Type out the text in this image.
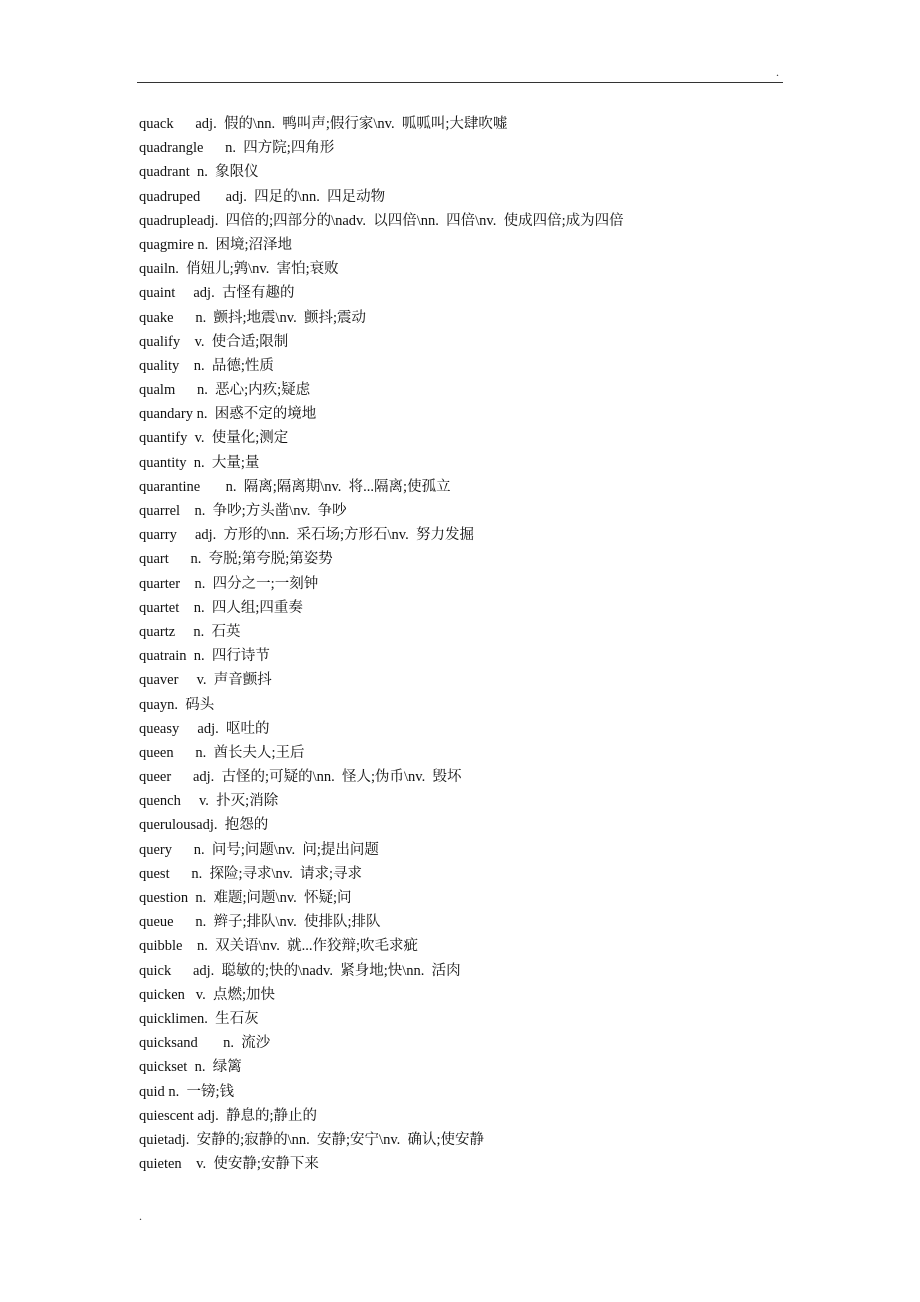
.
quack      adj.  假的\nn.  鸭叫声;假行家\nv.  呱呱叫;大肆吹嘘
quadrangle      n.  四方院;四角形
quadrant  n.  象限仪
quadruped       adj.  四足的\nn.  四足动物
quadrupleadj.  四倍的;四部分的\nadv.  以四倍\nn.  四倍\nv.  使成四倍;成为四倍
quagmire n.  困境;沼泽地
quailn.  俏妞儿;鹑\nv.  害怕;衰败
quaint     adj.  古怪有趣的
quake      n.  颤抖;地震\nv.  颤抖;震动
qualify    v.  使合适;限制
quality    n.  品德;性质
qualm      n.  恶心;内疚;疑虑
quandary n.  困惑不定的境地
quantify  v.  使量化;测定
quantity  n.  大量;量
quarantine       n.  隔离;隔离期\nv.  将...隔离;使孤立
quarrel    n.  争吵;方头凿\nv.  争吵
quarry     adj.  方形的\nn.  采石场;方形石\nv.  努力发掘
quart      n.  夸脱;第夸脱;第姿势
quarter    n.  四分之一;一刻钟
quartet    n.  四人组;四重奏
quartz     n.  石英
quatrain  n.  四行诗节
quaver     v.  声音颤抖
quayn.  码头
queasy     adj.  呕吐的
queen      n.  酋长夫人;王后
queer      adj.  古怪的;可疑的\nn.  怪人;伪币\nv.  毁坏
quench     v.  扑灭;消除
querulousadj.  抱怨的
query      n.  问号;问题\nv.  问;提出问题
quest      n.  探险;寻求\nv.  请求;寻求
question  n.  难题;问题\nv.  怀疑;问
queue      n.  辫子;排队\nv.  使排队;排队
quibble    n.  双关语\nv.  就...作狡辩;吹毛求疵
quick      adj.  聪敏的;快的\nadv.  紧身地;快\nn.  活肉
quicken   v.  点燃;加快
quicklimen.  生石灰
quicksand       n.  流沙
quickset  n.  绿篱
quid n.  一镑;钱
quiescent adj.  静息的;静止的
quietadj.  安静的;寂静的\nn.  安静;安宁\nv.  确认;使安静
quieten    v.  使安静;安静下来
.
